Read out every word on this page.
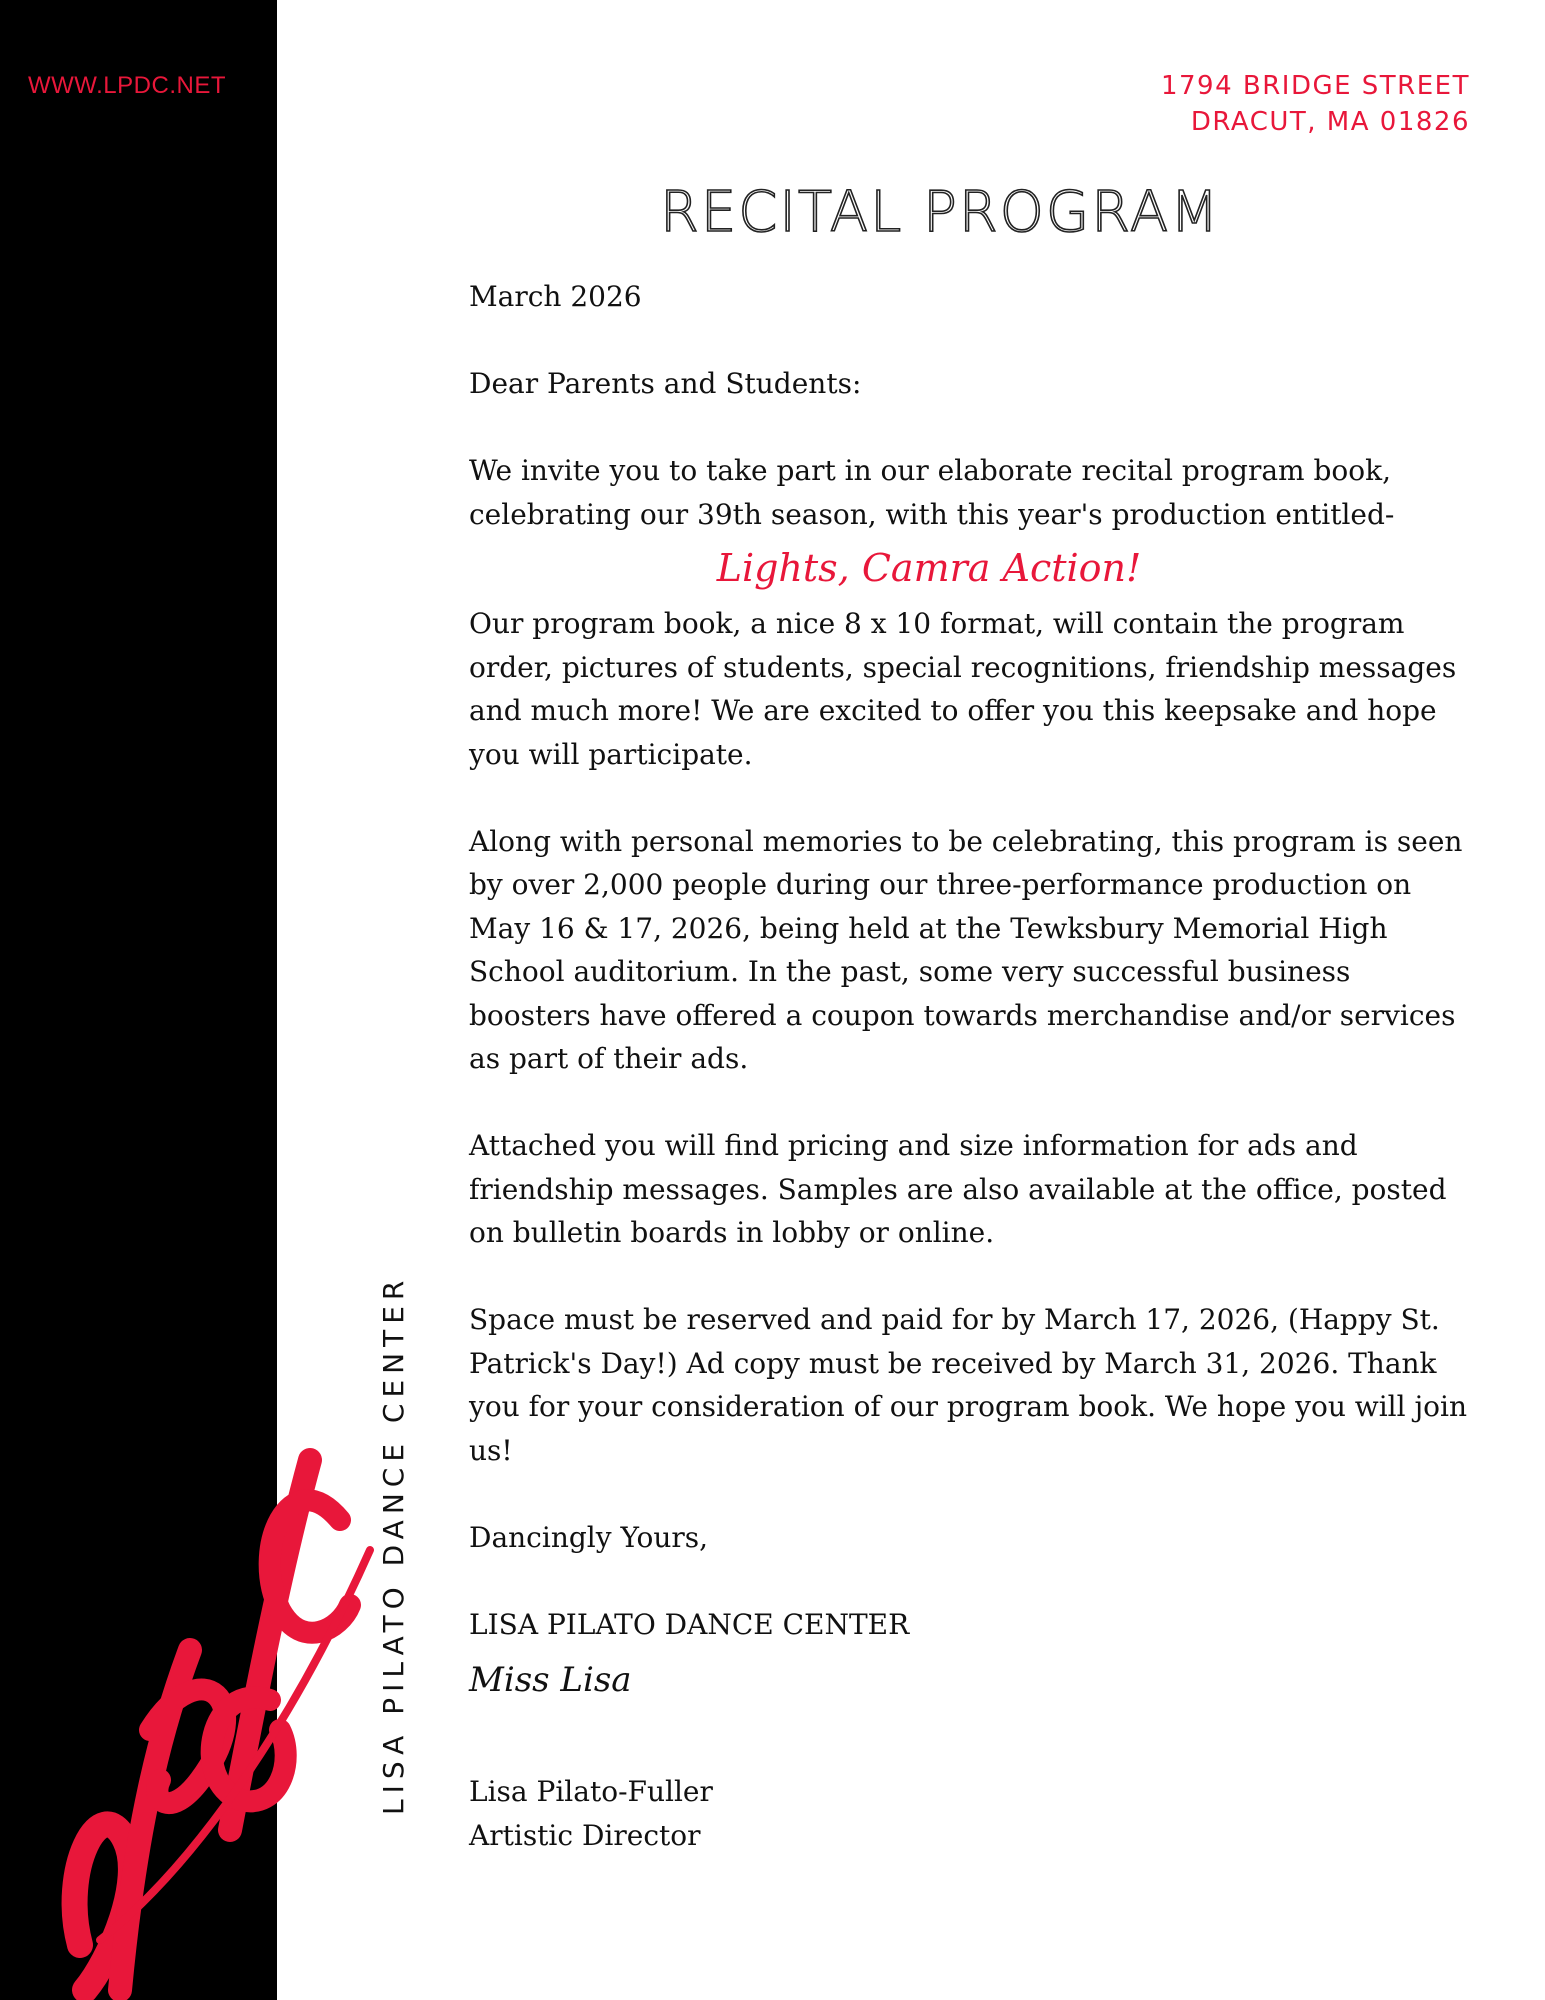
WWW.LPDC.NET	1794 BRIDGE STREET
DRACUT, MA 01826
RECITAL PROGRAM

March 2026

Dear Parents and Students:

We invite you to take part in our elaborate recital program book, celebrating our 39th season, with this year's production entitled-

Lights, Camra Action!

Our program book, a nice 8 x 10 format, will contain the program order, pictures of students, special recognitions, friendship messages and much more! We are excited to offer you this keepsake and hope you will participate.

Along with personal memories to be celebrating, this program is seen by over 2,000 people during our three-performance production on May 16 & 17, 2026, being held at the Tewksbury Memorial High School auditorium. In the past, some very successful business boosters have offered a coupon towards merchandise and/or services as part of their ads.

Attached you will find pricing and size information for ads and friendship messages. Samples are also available at the office, posted on bulletin boards in lobby or online.

Space must be reserved and paid for by March 17, 2026, (Happy St. Patrick's Day!) Ad copy must be received by March 31, 2026. Thank you for your consideration of our program book. We hope you will join us!

Dancingly Yours,

LISA PILATO DANCE CENTER

Miss Lisa

Lisa Pilato-Fuller

Artistic Director

LISA PILATO DANCE CENTER
